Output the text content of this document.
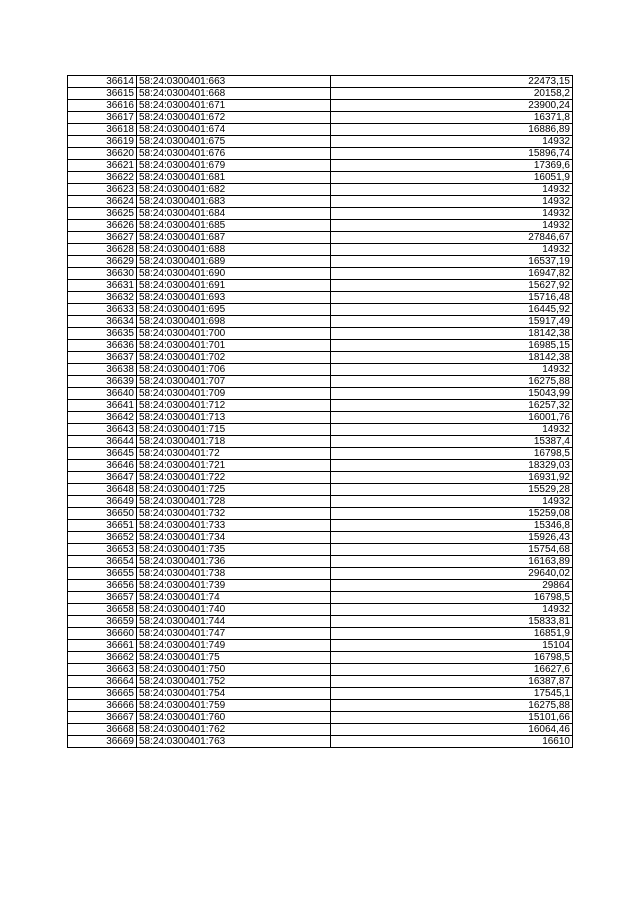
36614	58:24:0300401:663	22473,15
36615	58:24:0300401:668	20158,2
36616	58:24:0300401:671	23900,24
36617	58:24:0300401:672	16371,8
36618	58:24:0300401:674	16886,89
36619	58:24:0300401:675	14932
36620	58:24:0300401:676	15896,74
36621	58:24:0300401:679	17369,6
36622	58:24:0300401:681	16051,9
36623	58:24:0300401:682	14932
36624	58:24:0300401:683	14932
36625	58:24:0300401:684	14932
36626	58:24:0300401:685	14932
36627	58:24:0300401:687	27846,67
36628	58:24:0300401:688	14932
36629	58:24:0300401:689	16537,19
36630	58:24:0300401:690	16947,82
36631	58:24:0300401:691	15627,92
36632	58:24:0300401:693	15716,48
36633	58:24:0300401:695	16445,92
36634	58:24:0300401:698	15917,49
36635	58:24:0300401:700	18142,38
36636	58:24:0300401:701	16985,15
36637	58:24:0300401:702	18142,38
36638	58:24:0300401:706	14932
36639	58:24:0300401:707	16275,88
36640	58:24:0300401:709	15043,99
36641	58:24:0300401:712	16257,32
36642	58:24:0300401:713	16001,76
36643	58:24:0300401:715	14932
36644	58:24:0300401:718	15387,4
36645	58:24:0300401:72	16798,5
36646	58:24:0300401:721	18329,03
36647	58:24:0300401:722	16931,92
36648	58:24:0300401:725	15529,28
36649	58:24:0300401:728	14932
36650	58:24:0300401:732	15259,08
36651	58:24:0300401:733	15346,8
36652	58:24:0300401:734	15926,43
36653	58:24:0300401:735	15754,68
36654	58:24:0300401:736	16163,89
36655	58:24:0300401:738	29640,02
36656	58:24:0300401:739	29864
36657	58:24:0300401:74	16798,5
36658	58:24:0300401:740	14932
36659	58:24:0300401:744	15833,81
36660	58:24:0300401:747	16851,9
36661	58:24:0300401:749	15104
36662	58:24:0300401:75	16798,5
36663	58:24:0300401:750	16627,6
36664	58:24:0300401:752	16387,87
36665	58:24:0300401:754	17545,1
36666	58:24:0300401:759	16275,88
36667	58:24:0300401:760	15101,66
36668	58:24:0300401:762	16064,46
36669	58:24:0300401:763	16610
